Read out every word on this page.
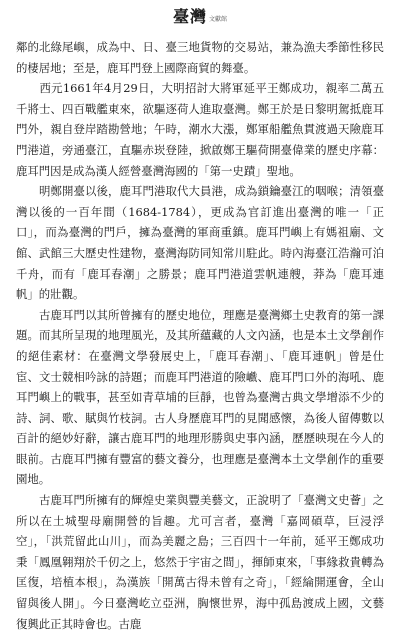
臺灣 文獻館

鄰的北綠尾嶼，成為中、日、臺三地貨物的交易站，兼為漁夫季節性移民的棲居地；至是，鹿耳門登上國際商貿的舞臺。

　　西元1661年4月29日，大明招討大將軍延平王鄭成功，親率二萬五千將士、四百戰艦東來，欲驅逐荷人進取臺灣。鄭王於是日黎明駕抵鹿耳門外，親自登岸踏勘營地；午時，潮水大漲，鄭軍船艦魚貫渡過天險鹿耳門港道，旁通臺江，直驅赤崁登陸，掀啟鄭王驅荷開臺偉業的歷史序幕：鹿耳門因是成為漢人經營臺灣海國的「第一史蹟」聖地。

　　明鄭開臺以後，鹿耳門港取代大員港，成為鎖鑰臺江的咽喉；清領臺灣以後的一百年間（1684-1784），更成為官訂進出臺灣的唯一「正口」，而為臺灣的門戶，擁為臺灣的軍商重鎮。鹿耳門嶼上有媽祖廟、文館、武館三大歷史性建物，臺灣海防同知常川駐此。時內海臺江浩瀚可泊千舟，而有「鹿耳春潮」之勝景；鹿耳門港道雲帆連艘，莽為「鹿耳連帆」的壯觀。

　　古鹿耳門以其所曾擁有的歷史地位，理應是臺灣鄉土史教育的第一課題。而其所呈現的地理風光，及其所蘊藏的人文內涵，也是本土文學創作的絕佳素材：在臺灣文學發展史上，「鹿耳春潮」、「鹿耳連帆」曾是仕宦、文士競相吟詠的詩題；而鹿耳門港道的險巇、鹿耳門口外的海吼、鹿耳門嶼上的戰事，甚至如青草埔的巨靜，也曾為臺灣古典文學增添不少的詩、詞、歌、賦與竹枝詞。古人身歷鹿耳門的見聞感懷，為後人留傳數以百計的絕妙好辭，讓古鹿耳門的地理形勝與史事內涵，歷歷映現在今人的眼前。古鹿耳門擁有豐富的藝文養分，也理應是臺灣本土文學創作的重要園地。

　　古鹿耳門所擁有的輝煌史業與豐美藝文，正說明了「臺灣文史薈」之所以在土城聖母廟開營的旨趣。尤可言者，臺灣「嘉岡碩草，巨浸浮空」，「洪荒留此山川」，而為美麗之島；三百四十一年前，延平王鄭成功秉「鳳凰翱翔於千仞之上，悠然于宇宙之間」，揮師東來，「事緣救貴轉為匡復，培植本根」，為漢族「開萬古得未曾有之奇」，「經綸開運會，全山留與後人開」。今日臺灣屹立亞洲，胸懷世界，海中孤島渡成上國，文藝復興此正其時會也。古鹿
